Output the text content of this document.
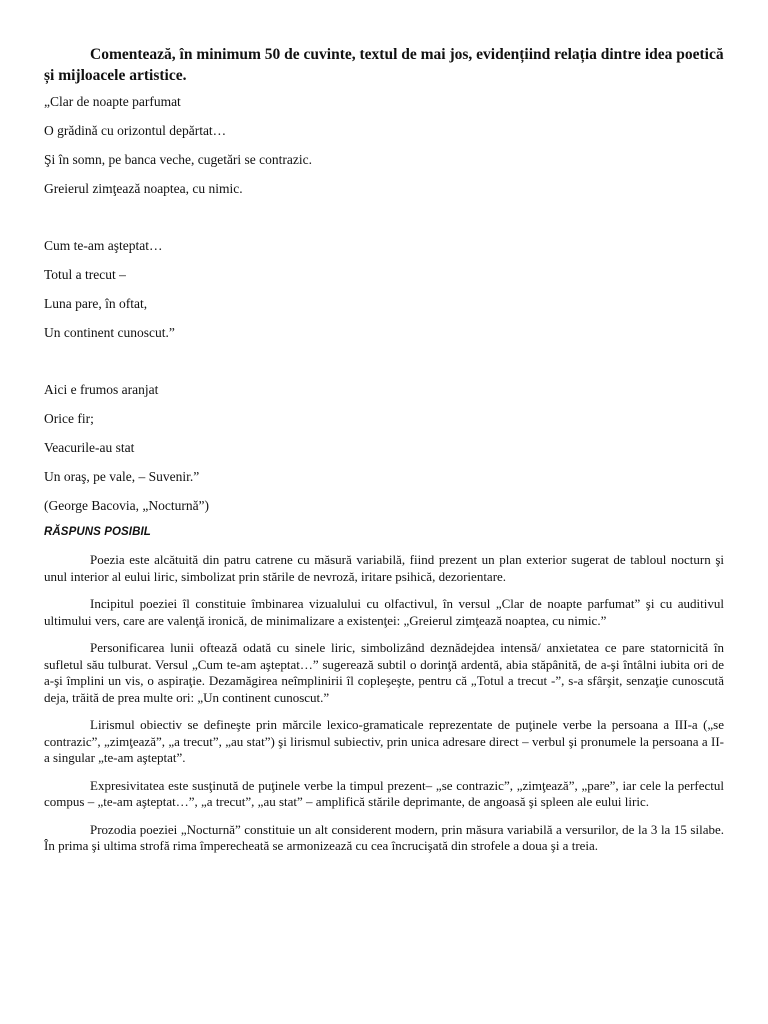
Comentează, în minimum 50 de cuvinte, textul de mai jos, evidențiind relația dintre idea poetică și mijloacele artistice.

„Clar de noapte parfumat

O grădină cu orizontul depărtat…

Şi în somn, pe banca veche, cugetări se contrazic.

Greierul zimţează noaptea, cu nimic.

Cum te-am aşteptat…

Totul a trecut –

Luna pare, în oftat,

Un continent cunoscut.”

Aici e frumos aranjat

Orice fir;

Veacurile-au stat

Un oraş, pe vale, – Suvenir.”

(George Bacovia, „Nocturnă”)

RĂSPUNS POSIBIL

Poezia este alcătuită din patru catrene cu măsură variabilă, fiind prezent un plan exterior sugerat de tabloul nocturn şi unul interior al eului liric, simbolizat prin stările de nevroză, iritare psihică, dezorientare.

Incipitul poeziei îl constituie îmbinarea vizualului cu olfactivul, în versul „Clar de noapte parfumat” şi cu auditivul ultimului vers, care are valenţă ironică, de minimalizare a existenţei: „Greierul zimţează noaptea, cu nimic.”

Personificarea lunii oftează odată cu sinele liric, simbolizând deznădejdea intensă/ anxietatea ce pare statornicită în sufletul său tulburat. Versul „Cum te-am aşteptat…” sugerează subtil o dorinţă ardentă, abia stăpânită, de a-şi întâlni iubita ori de a-şi împlini un vis, o aspiraţie. Dezamăgirea neîmplinirii îl copleşeşte, pentru că „Totul a trecut -”, s-a sfârşit, senzaţie cunoscută deja, trăită de prea multe ori: „Un continent cunoscut.”

Lirismul obiectiv se defineşte prin mărcile lexico-gramaticale reprezentate de puţinele verbe la persoana a III-a („se contrazic”, „zimţează”, „a trecut”, „au stat”) şi lirismul subiectiv, prin unica adresare direct – verbul şi pronumele la persoana a II-a singular „te-am aşteptat”.

Expresivitatea este susţinută de puţinele verbe la timpul prezent– „se contrazic”, „zimţează”, „pare”, iar cele la perfectul compus – „te-am aşteptat…”, „a trecut”, „au stat” – amplifică stările deprimante, de angoasă şi spleen ale eului liric.

Prozodia poeziei „Nocturnă” constituie un alt considerent modern, prin măsura variabilă a versurilor, de la 3 la 15 silabe. În prima şi ultima strofă rima împerecheată se armonizează cu cea încrucişată din strofele a doua şi a treia.
